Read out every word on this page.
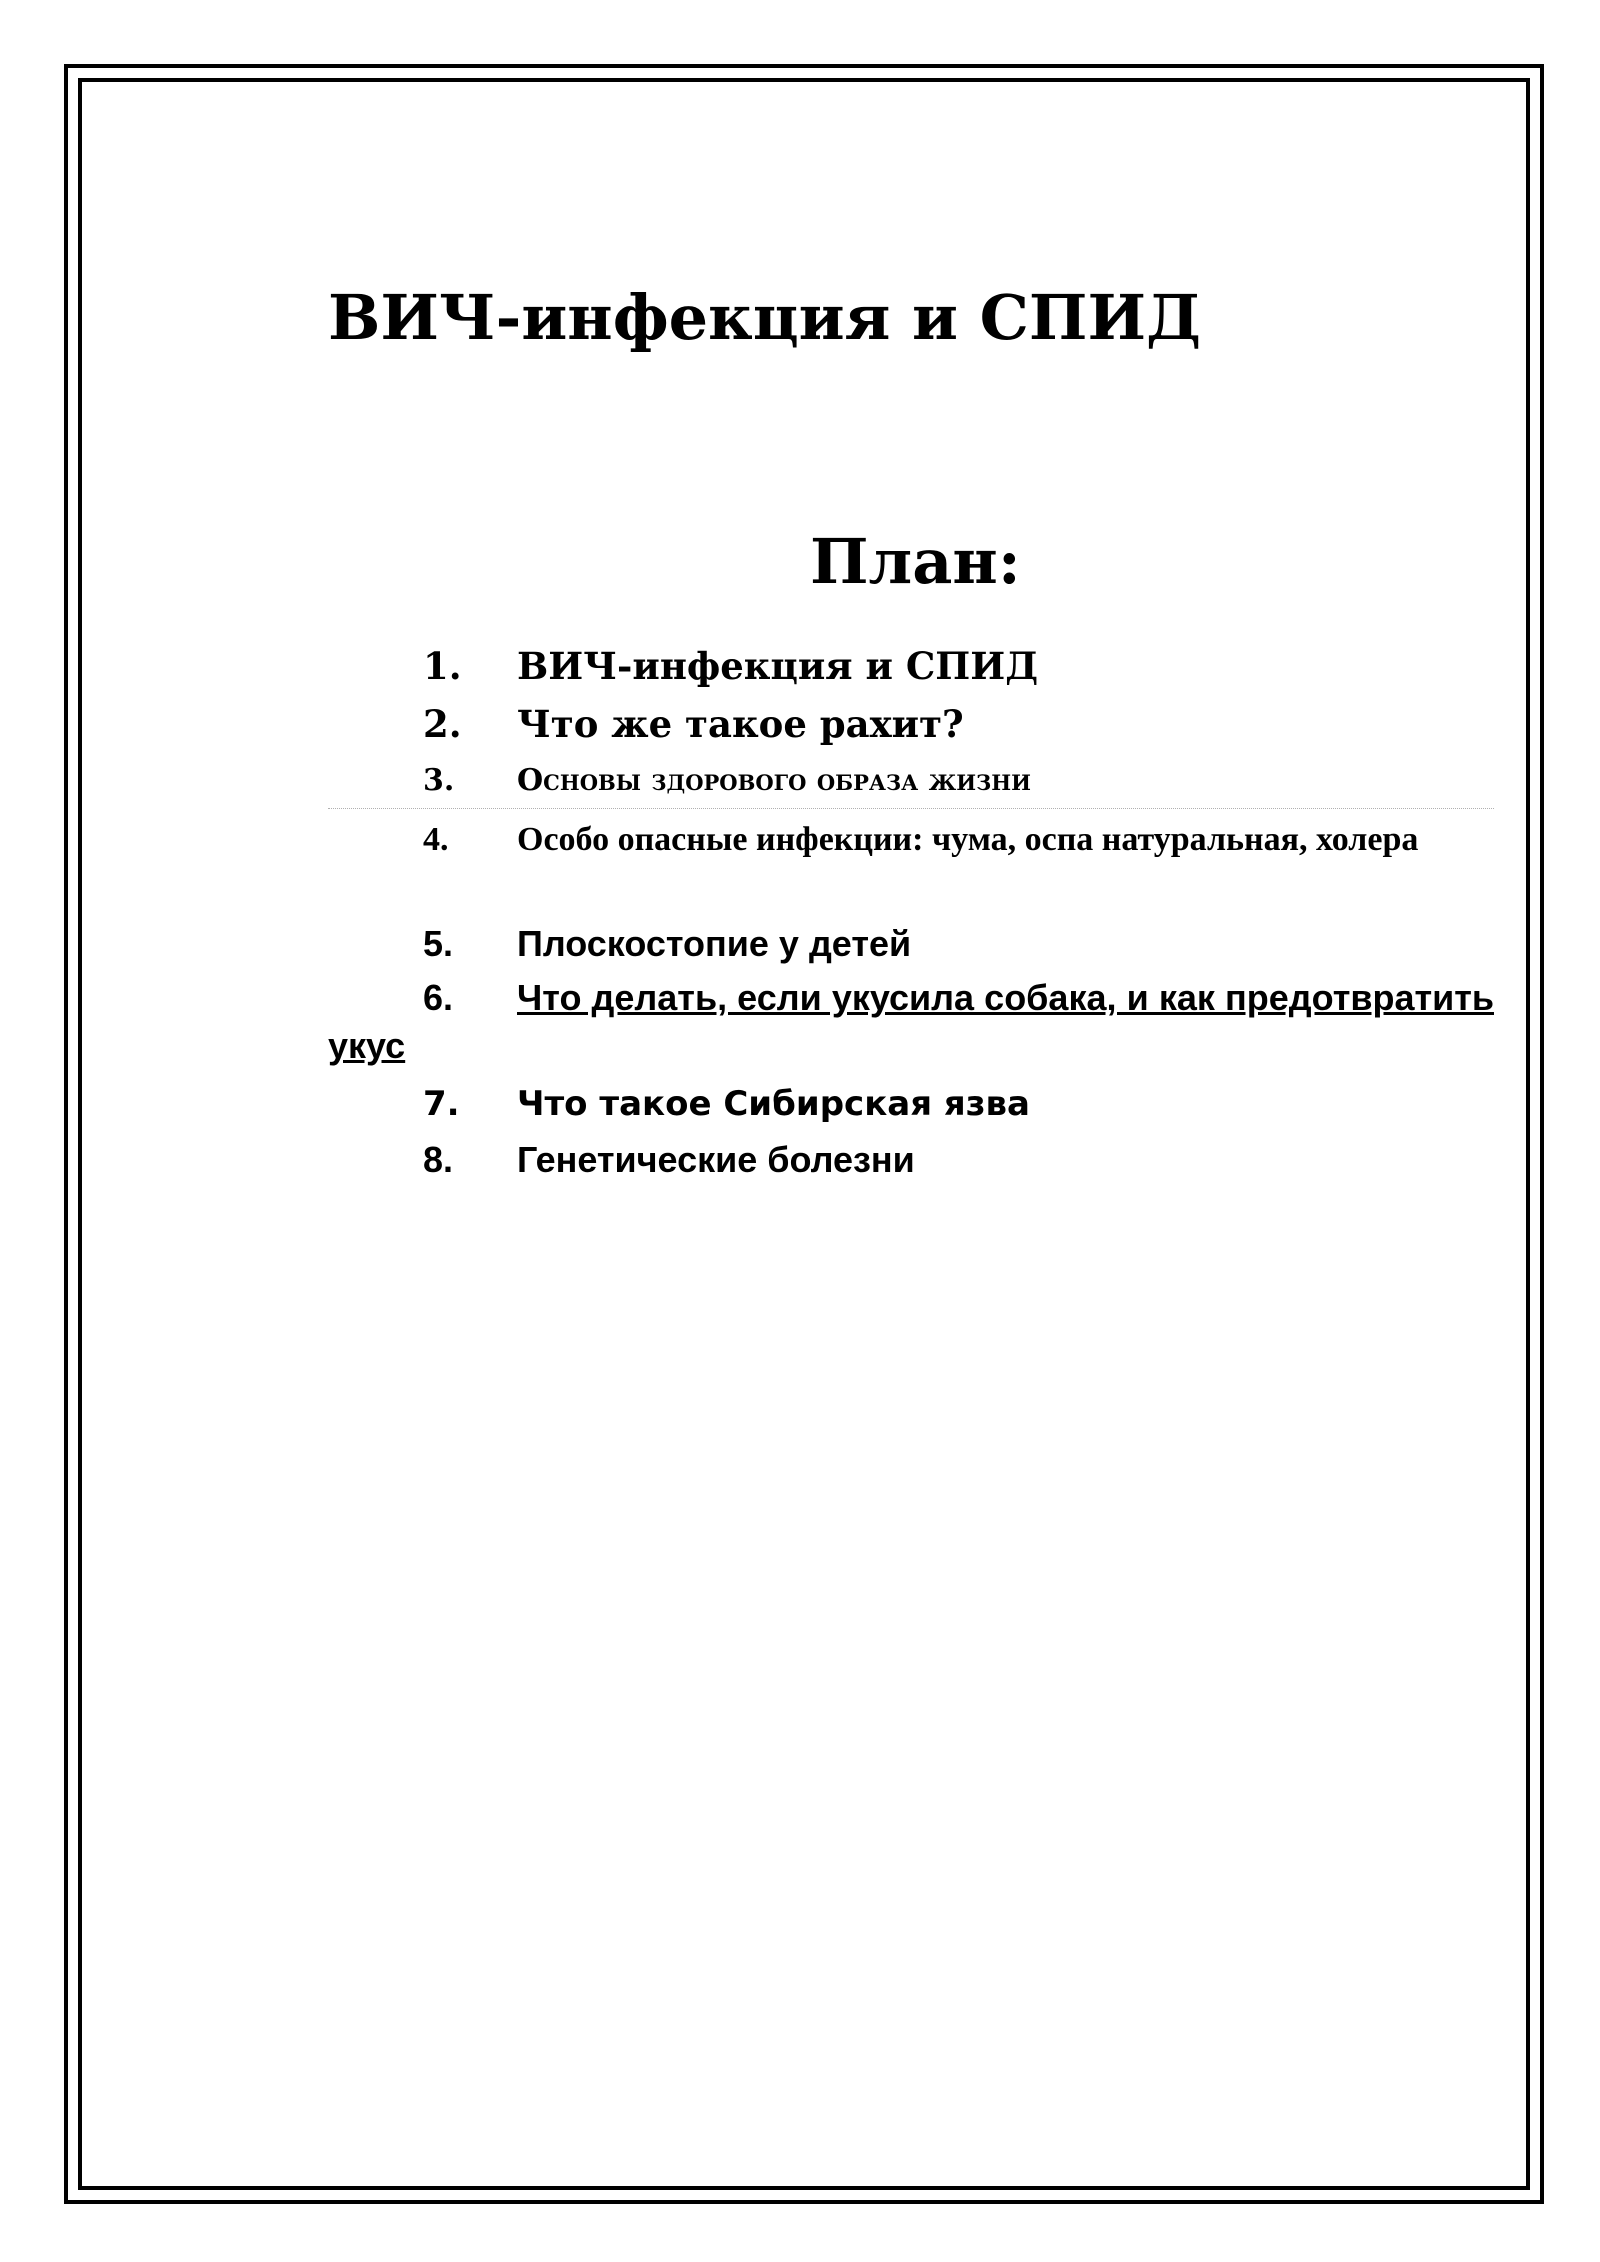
ВИЧ-инфекция и СПИД
План:
1. ВИЧ-инфекция и СПИД
2. Что же такое рахит?
3. Основы здорового образа жизни
4. Особо опасные инфекции: чума, оспа натуральная, холера
5. Плоскостопие у детей
6. Что делать, если укусила собака, и как предотвратить укус
7. Что такое Сибирская язва
8. Генетические болезни
